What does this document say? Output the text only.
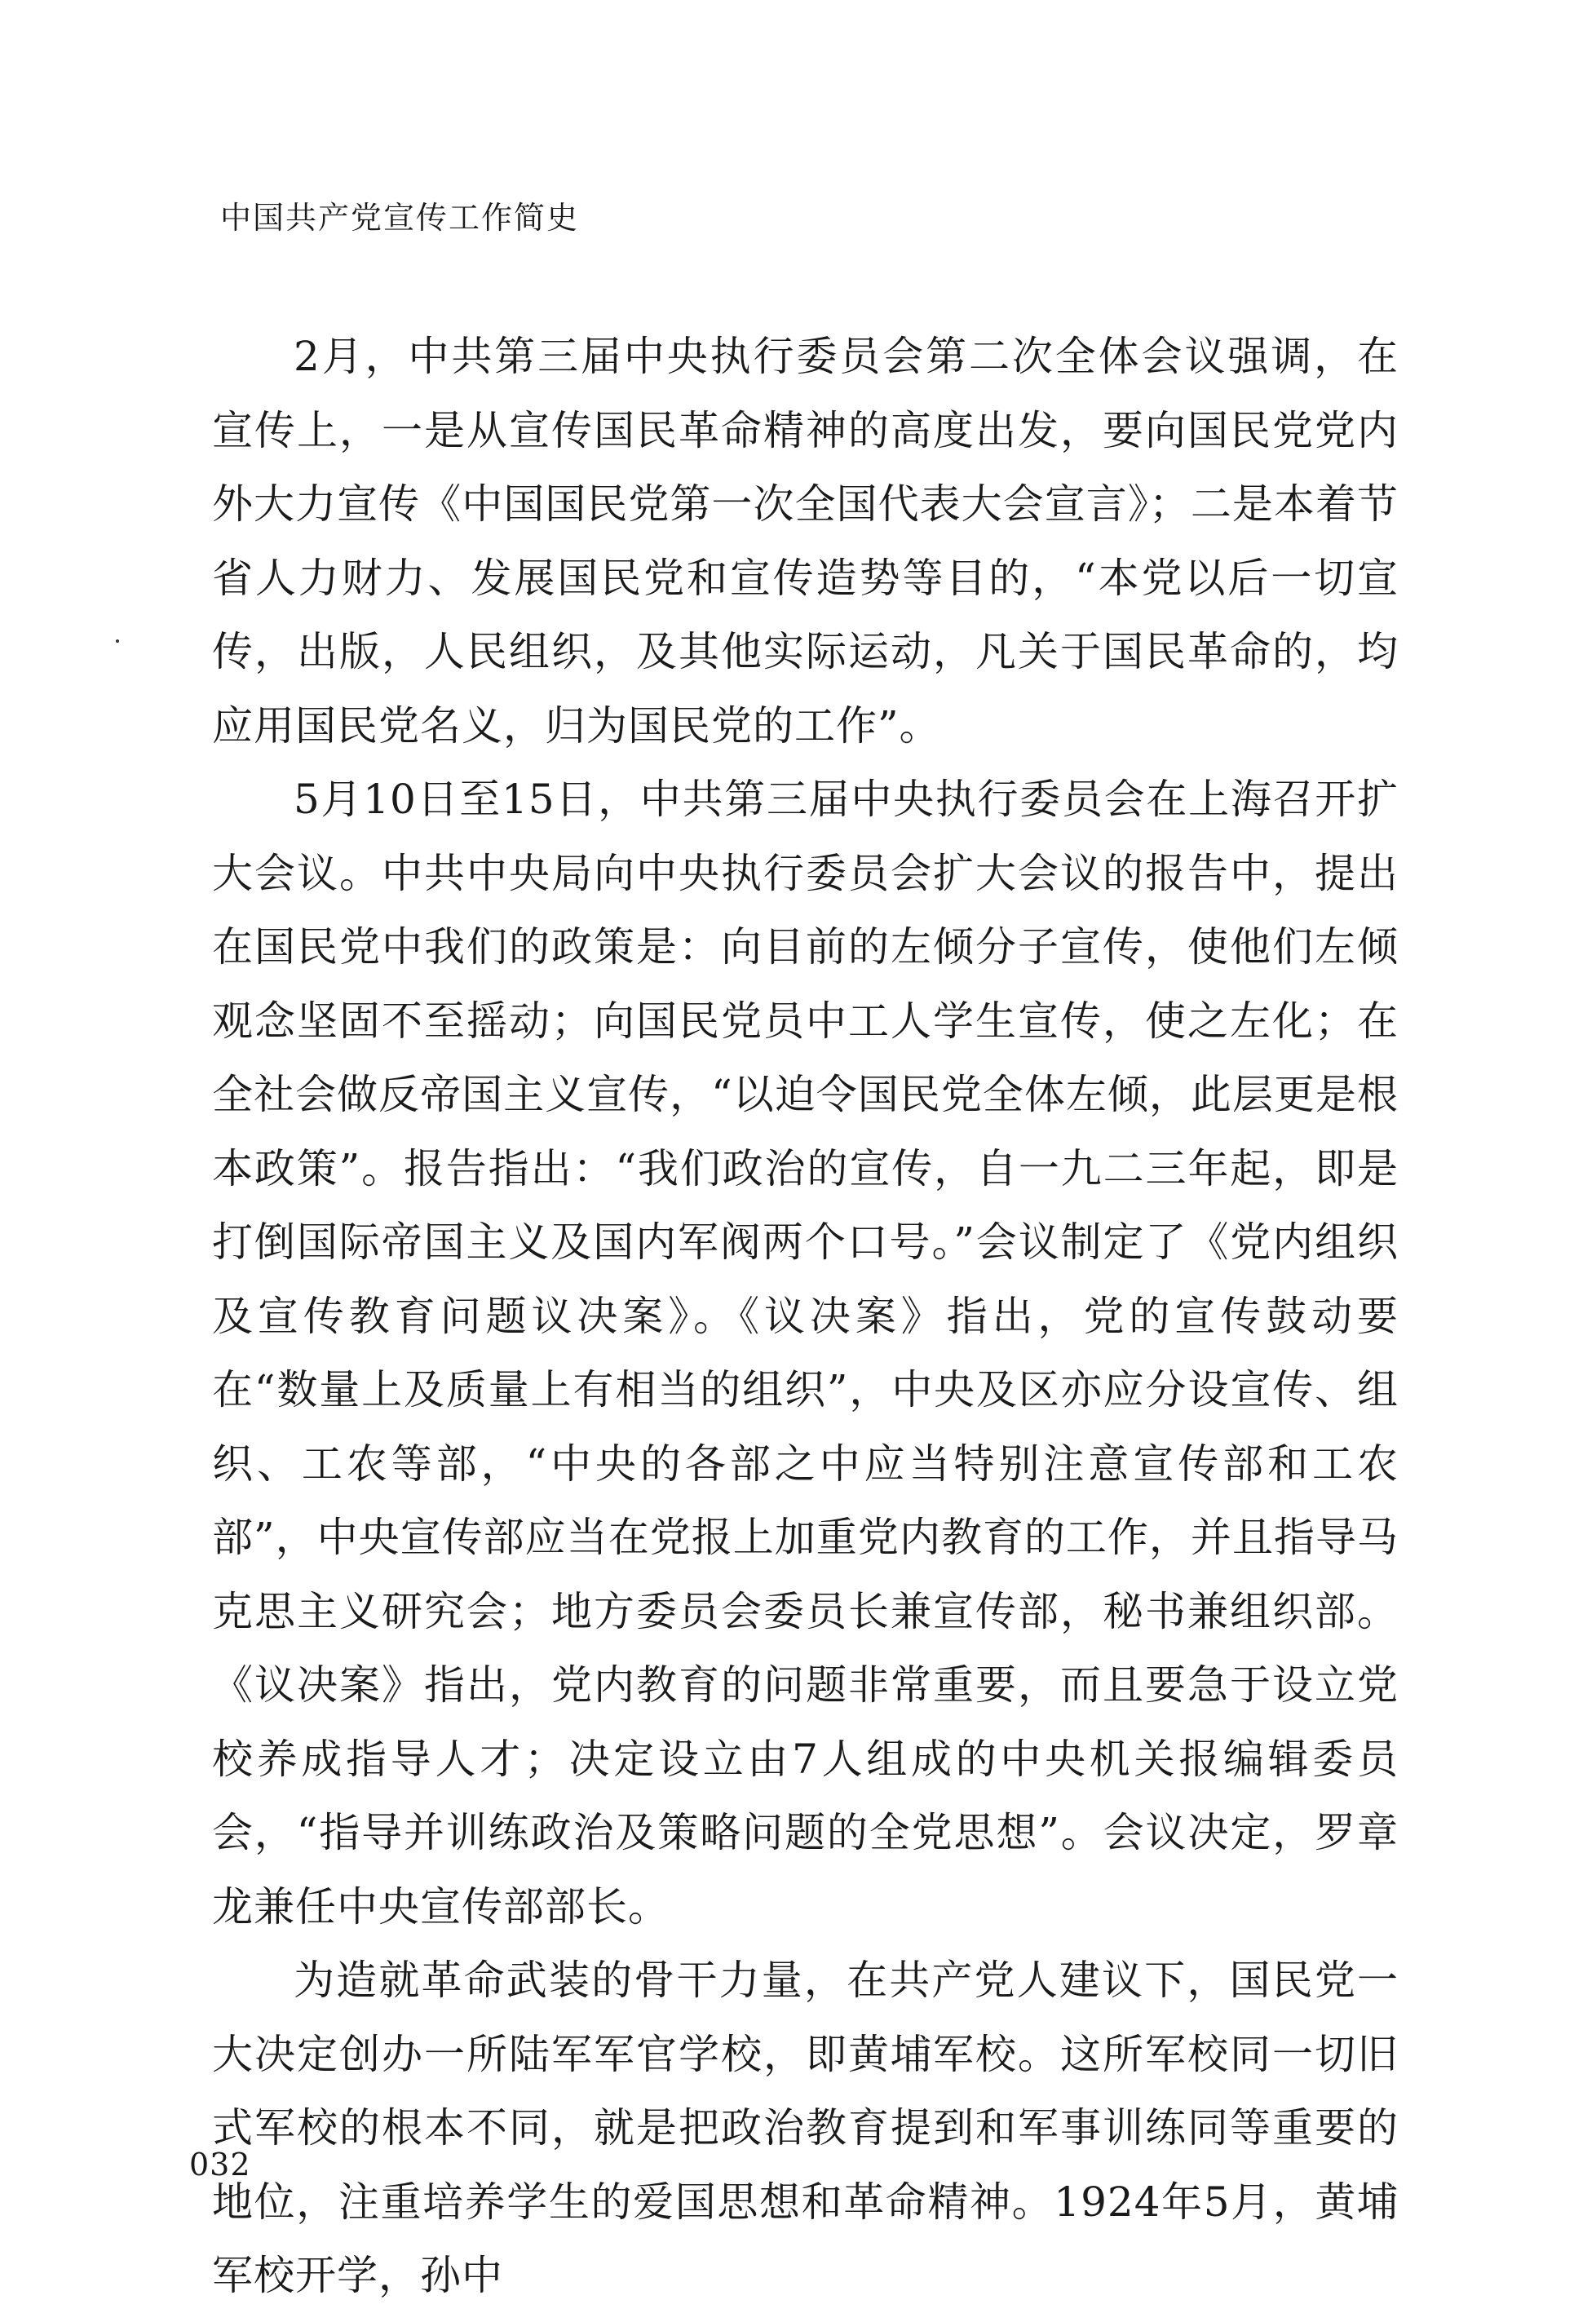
中国共产党宣传工作简史

2月，中共第三届中央执行委员会第二次全体会议强调，在宣传上，一是从宣传国民革命精神的高度出发，要向国民党党内外大力宣传《中国国民党第一次全国代表大会宣言》；二是本着节省人力财力、发展国民党和宣传造势等目的，“本党以后一切宣传，出版，人民组织，及其他实际运动，凡关于国民革命的，均应用国民党名义，归为国民党的工作”。

5月10日至15日，中共第三届中央执行委员会在上海召开扩大会议。中共中央局向中央执行委员会扩大会议的报告中，提出在国民党中我们的政策是：向目前的左倾分子宣传，使他们左倾观念坚固不至摇动；向国民党员中工人学生宣传，使之左化；在全社会做反帝国主义宣传，“以迫令国民党全体左倾，此层更是根本政策”。报告指出：“我们政治的宣传，自一九二三年起，即是打倒国际帝国主义及国内军阀两个口号。”会议制定了《党内组织及宣传教育问题议决案》。《议决案》指出，党的宣传鼓动要在“数量上及质量上有相当的组织”，中央及区亦应分设宣传、组织、工农等部，“中央的各部之中应当特别注意宣传部和工农部”，中央宣传部应当在党报上加重党内教育的工作，并且指导马克思主义研究会；地方委员会委员长兼宣传部，秘书兼组织部。《议决案》指出，党内教育的问题非常重要，而且要急于设立党校养成指导人才；决定设立由7人组成的中央机关报编辑委员会，“指导并训练政治及策略问题的全党思想”。会议决定，罗章龙兼任中央宣传部部长。

为造就革命武装的骨干力量，在共产党人建议下，国民党一大决定创办一所陆军军官学校，即黄埔军校。这所军校同一切旧式军校的根本不同，就是把政治教育提到和军事训练同等重要的地位，注重培养学生的爱国思想和革命精神。1924年5月，黄埔军校开学，孙中

032
